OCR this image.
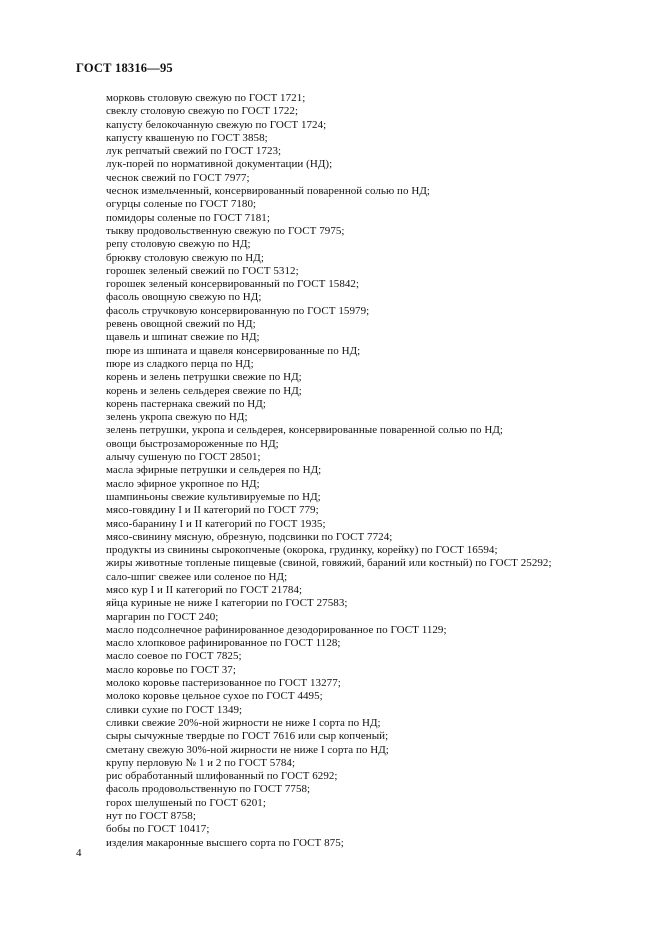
ГОСТ 18316—95
морковь столовую свежую по ГОСТ 1721;
свеклу столовую свежую по ГОСТ 1722;
капусту белокочанную свежую по ГОСТ 1724;
капусту квашеную по ГОСТ 3858;
лук репчатый свежий по ГОСТ 1723;
лук-порей по нормативной документации (НД);
чеснок свежий по ГОСТ 7977;
чеснок измельченный, консервированный поваренной солью по НД;
огурцы соленые по ГОСТ 7180;
помидоры соленые по ГОСТ 7181;
тыкву продовольственную свежую по ГОСТ 7975;
репу столовую свежую по НД;
брюкву столовую свежую по НД;
горошек зеленый свежий по ГОСТ 5312;
горошек зеленый консервированный по ГОСТ 15842;
фасоль овощную свежую по НД;
фасоль стручковую консервированную по ГОСТ 15979;
ревень овощной свежий по НД;
щавель и шпинат свежие по НД;
пюре из шпината и щавеля консервированные по НД;
пюре из сладкого перца по НД;
корень и зелень петрушки свежие по НД;
корень и зелень сельдерея свежие по НД;
корень пастернака свежий по НД;
зелень укропа свежую по НД;
зелень петрушки, укропа и сельдерея, консервированные поваренной солью по НД;
овощи быстрозамороженные по НД;
алычу сушеную по ГОСТ 28501;
масла эфирные петрушки и сельдерея по НД;
масло эфирное укропное по НД;
шампиньоны свежие культивируемые по НД;
мясо-говядину I и II категорий по ГОСТ 779;
мясо-баранину I и II категорий по ГОСТ 1935;
мясо-свинину мясную, обрезную, подсвинки по ГОСТ 7724;
продукты из свинины сырокопченые (окорока, грудинку, корейку) по ГОСТ 16594;
жиры животные топленые пищевые (свиной, говяжий, бараний или костный) по ГОСТ 25292;
сало-шпиг свежее или соленое по НД;
мясо кур I и II категорий по ГОСТ 21784;
яйца куриные не ниже I категории по ГОСТ 27583;
маргарин по ГОСТ 240;
масло подсолнечное рафинированное дезодорированное по ГОСТ 1129;
масло хлопковое рафинированное по ГОСТ 1128;
масло соевое по ГОСТ 7825;
масло коровье по ГОСТ 37;
молоко коровье пастеризованное по ГОСТ 13277;
молоко коровье цельное сухое по ГОСТ 4495;
сливки сухие по ГОСТ 1349;
сливки свежие 20%-ной жирности не ниже I сорта по НД;
сыры сычужные твердые по ГОСТ 7616 или сыр копченый;
сметану свежую 30%-ной жирности не ниже I сорта по НД;
крупу перловую № 1 и 2 по ГОСТ 5784;
рис обработанный шлифованный по ГОСТ 6292;
фасоль продовольственную по ГОСТ 7758;
горох шелушеный по ГОСТ 6201;
нут по ГОСТ 8758;
бобы по ГОСТ 10417;
изделия макаронные высшего сорта по ГОСТ 875;
4
